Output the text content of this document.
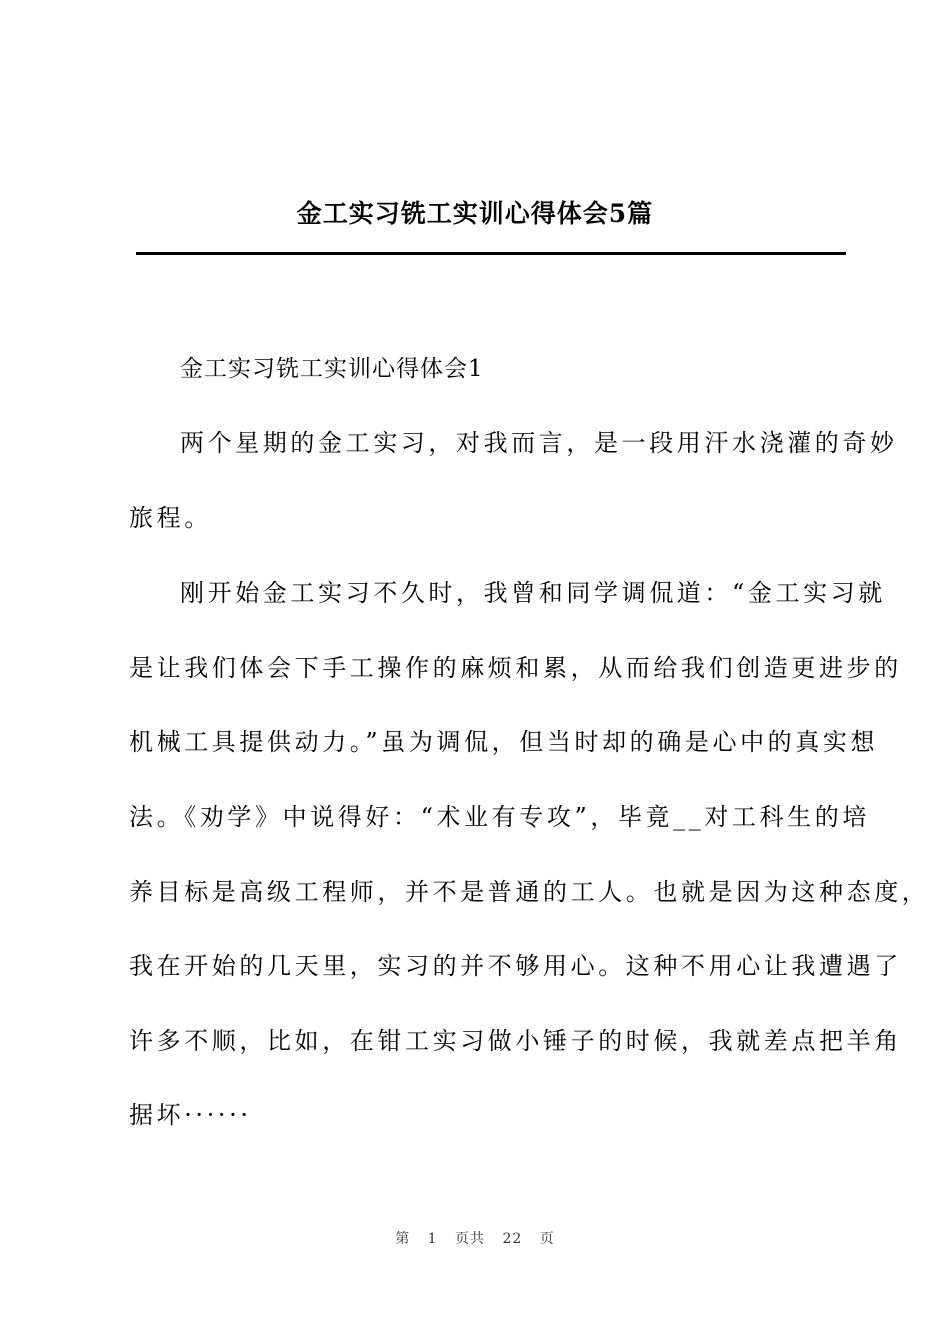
金工实习铣工实训心得体会5篇
金工实习铣工实训心得体会1
两个星期的金工实习，对我而言，是一段用汗水浇灌的奇妙
旅程。
刚开始金工实习不久时，我曾和同学调侃道：“金工实习就
是让我们体会下手工操作的麻烦和累，从而给我们创造更进步的
机械工具提供动力。”虽为调侃，但当时却的确是心中的真实想
法。《劝学》中说得好：“术业有专攻”，毕竟__对工科生的培
养目标是高级工程师，并不是普通的工人。也就是因为这种态度，
我在开始的几天里，实习的并不够用心。这种不用心让我遭遇了
许多不顺，比如，在钳工实习做小锤子的时候，我就差点把羊角
据坏······
第 1 页共 22 页
